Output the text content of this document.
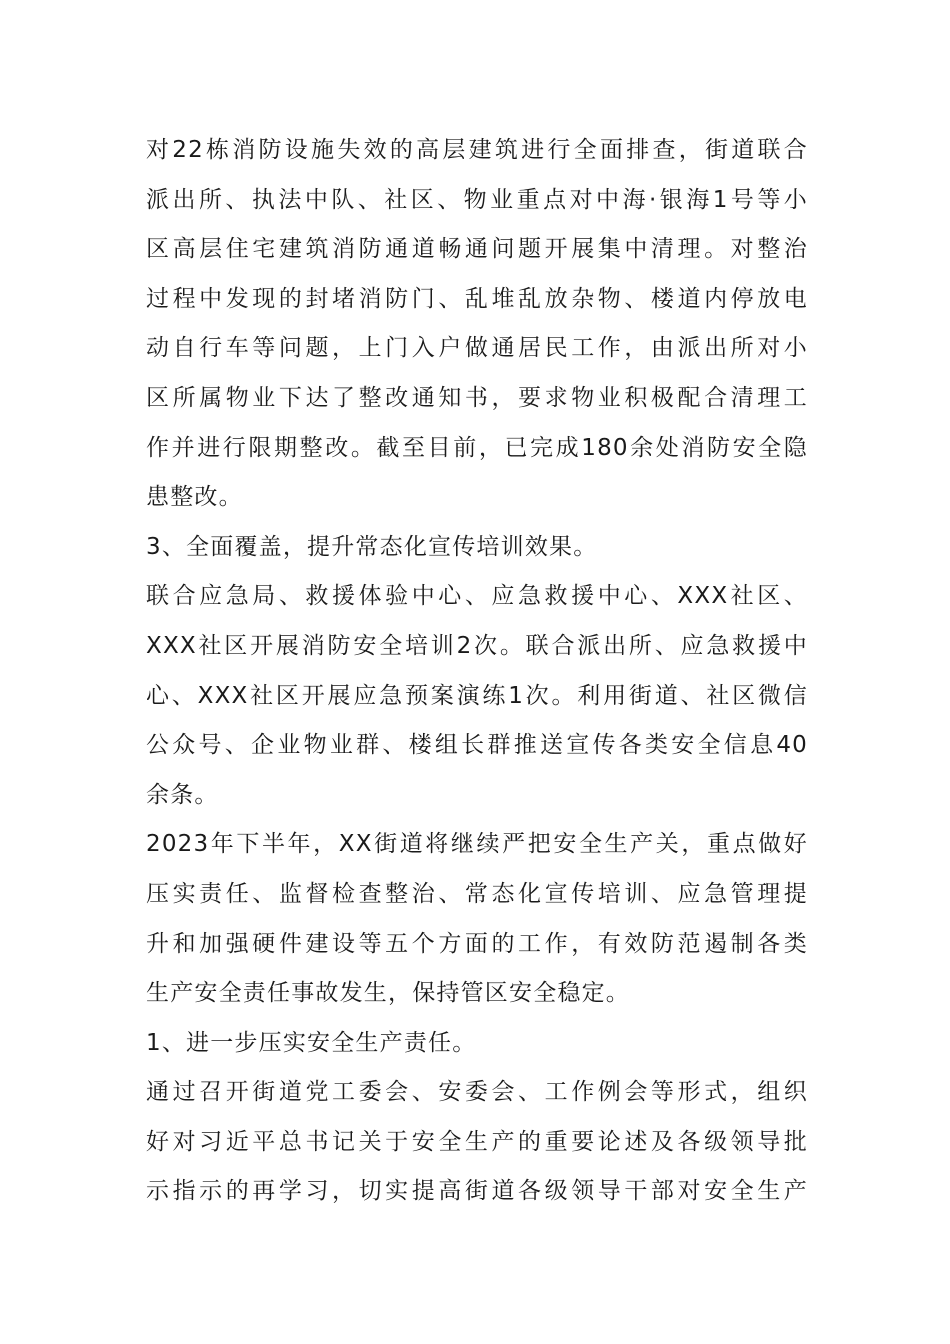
对22栋消防设施失效的高层建筑进行全面排查，街道联合
派出所、执法中队、社区、物业重点对中海·银海1号等小
区高层住宅建筑消防通道畅通问题开展集中清理。对整治
过程中发现的封堵消防门、乱堆乱放杂物、楼道内停放电
动自行车等问题，上门入户做通居民工作，由派出所对小
区所属物业下达了整改通知书，要求物业积极配合清理工
作并进行限期整改。截至目前，已完成180余处消防安全隐
患整改。
3、全面覆盖，提升常态化宣传培训效果。
联合应急局、救援体验中心、应急救援中心、XXX社区、
XXX社区开展消防安全培训2次。联合派出所、应急救援中
心、XXX社区开展应急预案演练1次。利用街道、社区微信
公众号、企业物业群、楼组长群推送宣传各类安全信息40
余条。
2023年下半年，XX街道将继续严把安全生产关，重点做好
压实责任、监督检查整治、常态化宣传培训、应急管理提
升和加强硬件建设等五个方面的工作，有效防范遏制各类
生产安全责任事故发生，保持管区安全稳定。
1、进一步压实安全生产责任。
通过召开街道党工委会、安委会、工作例会等形式，组织
好对习近平总书记关于安全生产的重要论述及各级领导批
示指示的再学习，切实提高街道各级领导干部对安全生产
